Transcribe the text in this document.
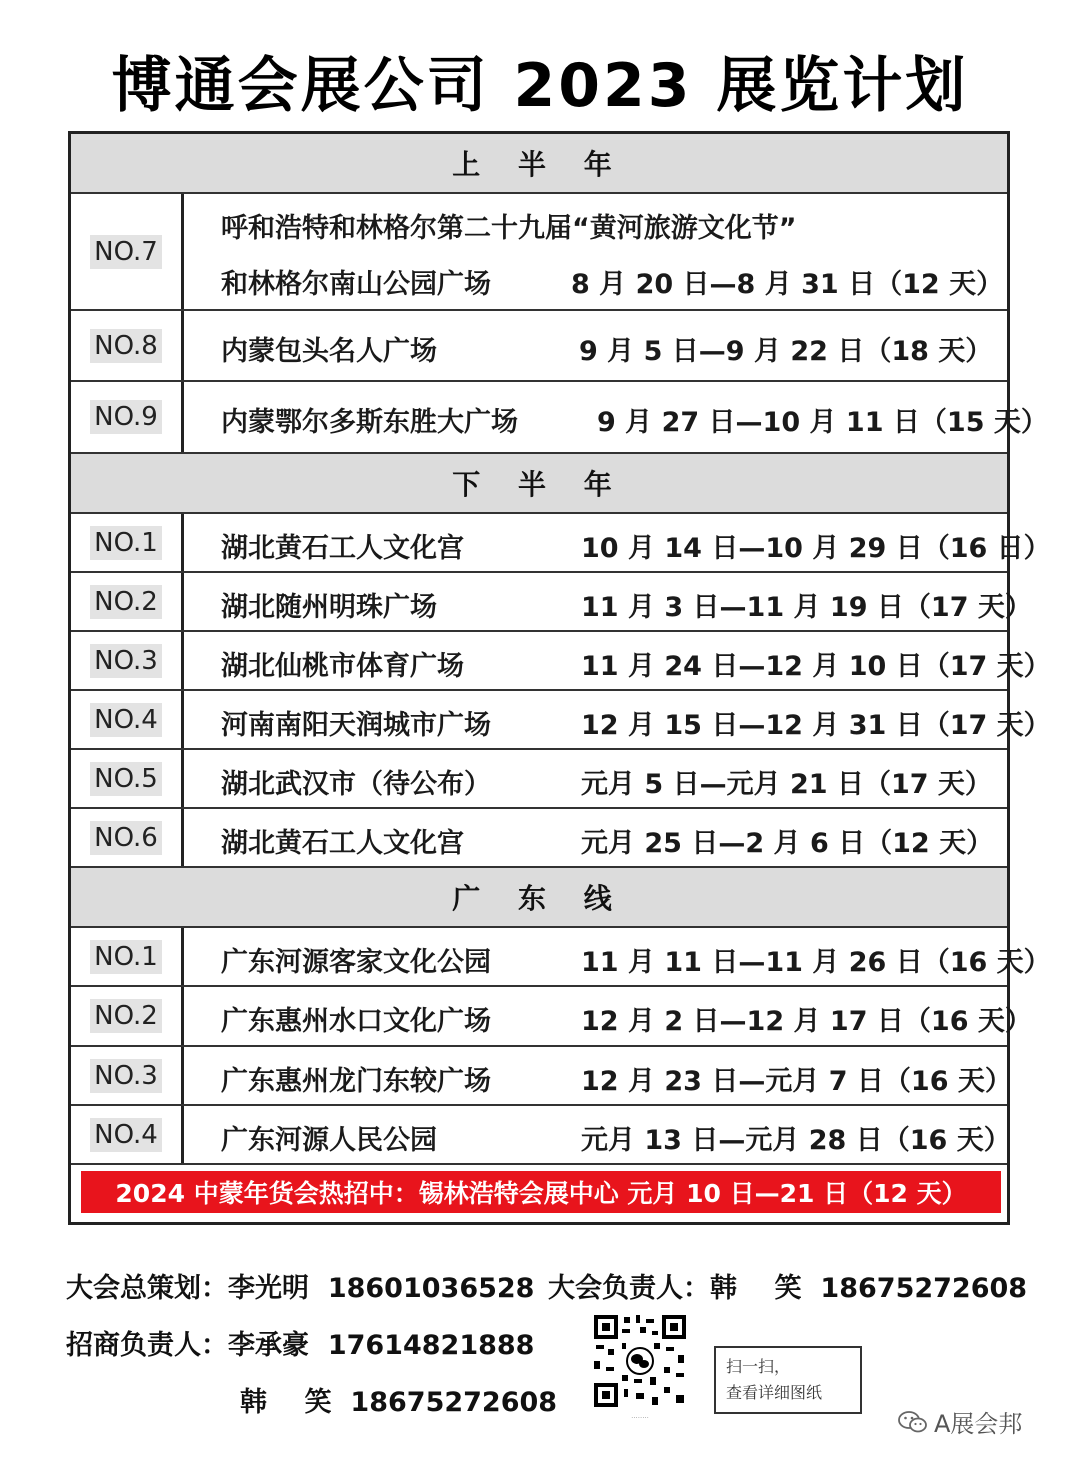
博通会展公司 2023 展览计划
上 半 年
NO.7
呼和浩特和林格尔第二十九届“黄河旅游文化节”
和林格尔南山公园广场	8 月 20 日—8 月 31 日（12 天）
NO.8 内蒙包头名人广场	9 月 5 日—9 月 22 日（18 天）
NO.9 内蒙鄂尔多斯东胜大广场	9 月 27 日—10 月 11 日（15 天）
下 半 年
NO.1 湖北黄石工人文化宫	10 月 14 日—10 月 29 日（16 日）
NO.2 湖北随州明珠广场	11 月 3 日—11 月 19 日（17 天）
NO.3 湖北仙桃市体育广场	11 月 24 日—12 月 10 日（17 天）
NO.4 河南南阳天润城市广场	12 月 15 日—12 月 31 日（17 天）
NO.5 湖北武汉市（待公布）	元月 5 日—元月 21 日（17 天）
NO.6 湖北黄石工人文化宫	元月 25 日—2 月 6 日（12 天）
广 东 线
NO.1 广东河源客家文化公园	11 月 11 日—11 月 26 日（16 天）
NO.2 广东惠州水口文化广场	12 月 2 日—12 月 17 日（16 天）
NO.3 广东惠州龙门东较广场	12 月 23 日—元月 7 日（16 天）
NO.4 广东河源人民公园	元月 13 日—元月 28 日（16 天）
2024 中蒙年货会热招中：锡林浩特会展中心 元月 10 日—21 日（12 天）
大会总策划：李光明 18601036528 大会负责人：韩    笑 18675272608
招商负责人：李承豪 17614821888
韩    笑 18675272608	········
扫一扫，
查看详细图纸
A展会邦
